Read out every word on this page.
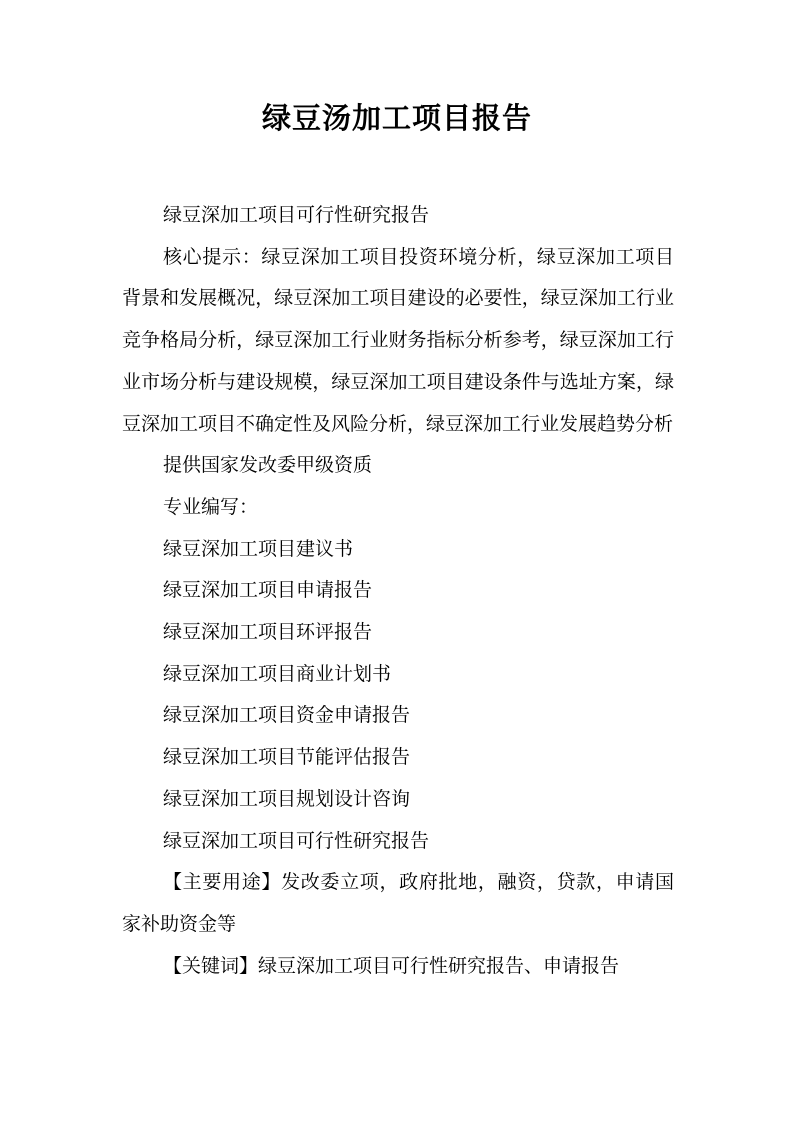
绿豆汤加工项目报告

绿豆深加工项目可行性研究报告

核心提示：绿豆深加工项目投资环境分析，绿豆深加工项目背景和发展概况，绿豆深加工项目建设的必要性，绿豆深加工行业竞争格局分析，绿豆深加工行业财务指标分析参考，绿豆深加工行业市场分析与建设规模，绿豆深加工项目建设条件与选址方案，绿豆深加工项目不确定性及风险分析，绿豆深加工行业发展趋势分析

提供国家发改委甲级资质

专业编写：

绿豆深加工项目建议书

绿豆深加工项目申请报告

绿豆深加工项目环评报告

绿豆深加工项目商业计划书

绿豆深加工项目资金申请报告

绿豆深加工项目节能评估报告

绿豆深加工项目规划设计咨询

绿豆深加工项目可行性研究报告

【主要用途】发改委立项，政府批地，融资，贷款，申请国家补助资金等

【关键词】绿豆深加工项目可行性研究报告、申请报告
